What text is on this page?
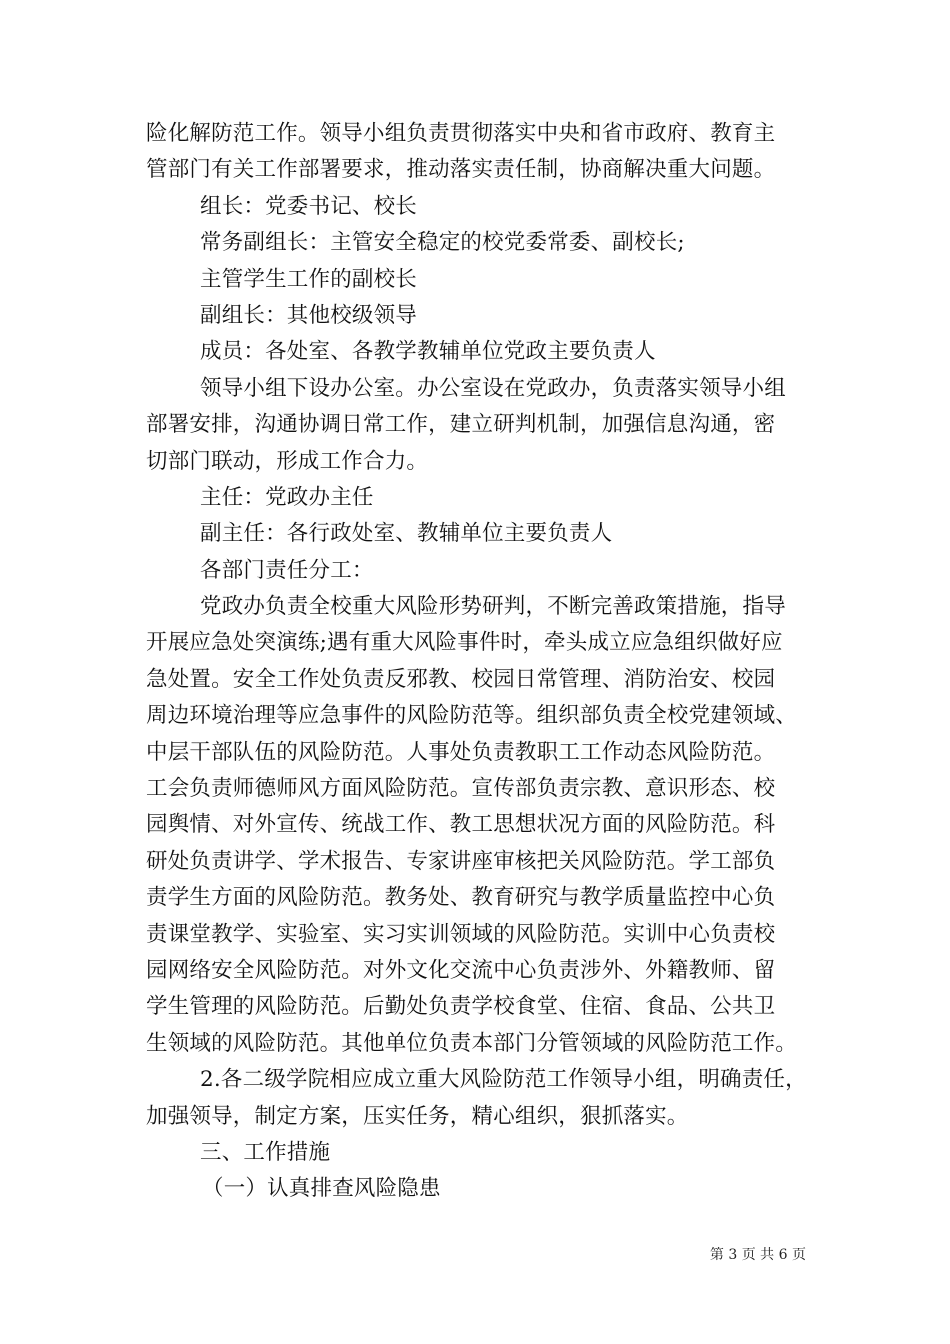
险化解防范工作。领导小组负责贯彻落实中央和省市政府、教育主
管部门有关工作部署要求，推动落实责任制，协商解决重大问题。
组长：党委书记、校长
常务副组长：主管安全稳定的校党委常委、副校长;
主管学生工作的副校长
副组长：其他校级领导
成员：各处室、各教学教辅单位党政主要负责人
领导小组下设办公室。办公室设在党政办，负责落实领导小组
部署安排，沟通协调日常工作，建立研判机制，加强信息沟通，密
切部门联动，形成工作合力。
主任：党政办主任
副主任：各行政处室、教辅单位主要负责人
各部门责任分工：
党政办负责全校重大风险形势研判，不断完善政策措施，指导
开展应急处突演练;遇有重大风险事件时，牵头成立应急组织做好应
急处置。安全工作处负责反邪教、校园日常管理、消防治安、校园
周边环境治理等应急事件的风险防范等。组织部负责全校党建领域、
中层干部队伍的风险防范。人事处负责教职工工作动态风险防范。
工会负责师德师风方面风险防范。宣传部负责宗教、意识形态、校
园舆情、对外宣传、统战工作、教工思想状况方面的风险防范。科
研处负责讲学、学术报告、专家讲座审核把关风险防范。学工部负
责学生方面的风险防范。教务处、教育研究与教学质量监控中心负
责课堂教学、实验室、实习实训领域的风险防范。实训中心负责校
园网络安全风险防范。对外文化交流中心负责涉外、外籍教师、留
学生管理的风险防范。后勤处负责学校食堂、住宿、食品、公共卫
生领域的风险防范。其他单位负责本部门分管领域的风险防范工作。
2.各二级学院相应成立重大风险防范工作领导小组，明确责任，
加强领导，制定方案，压实任务，精心组织，狠抓落实。
三、工作措施
（一）认真排查风险隐患
第 3 页 共 6 页
